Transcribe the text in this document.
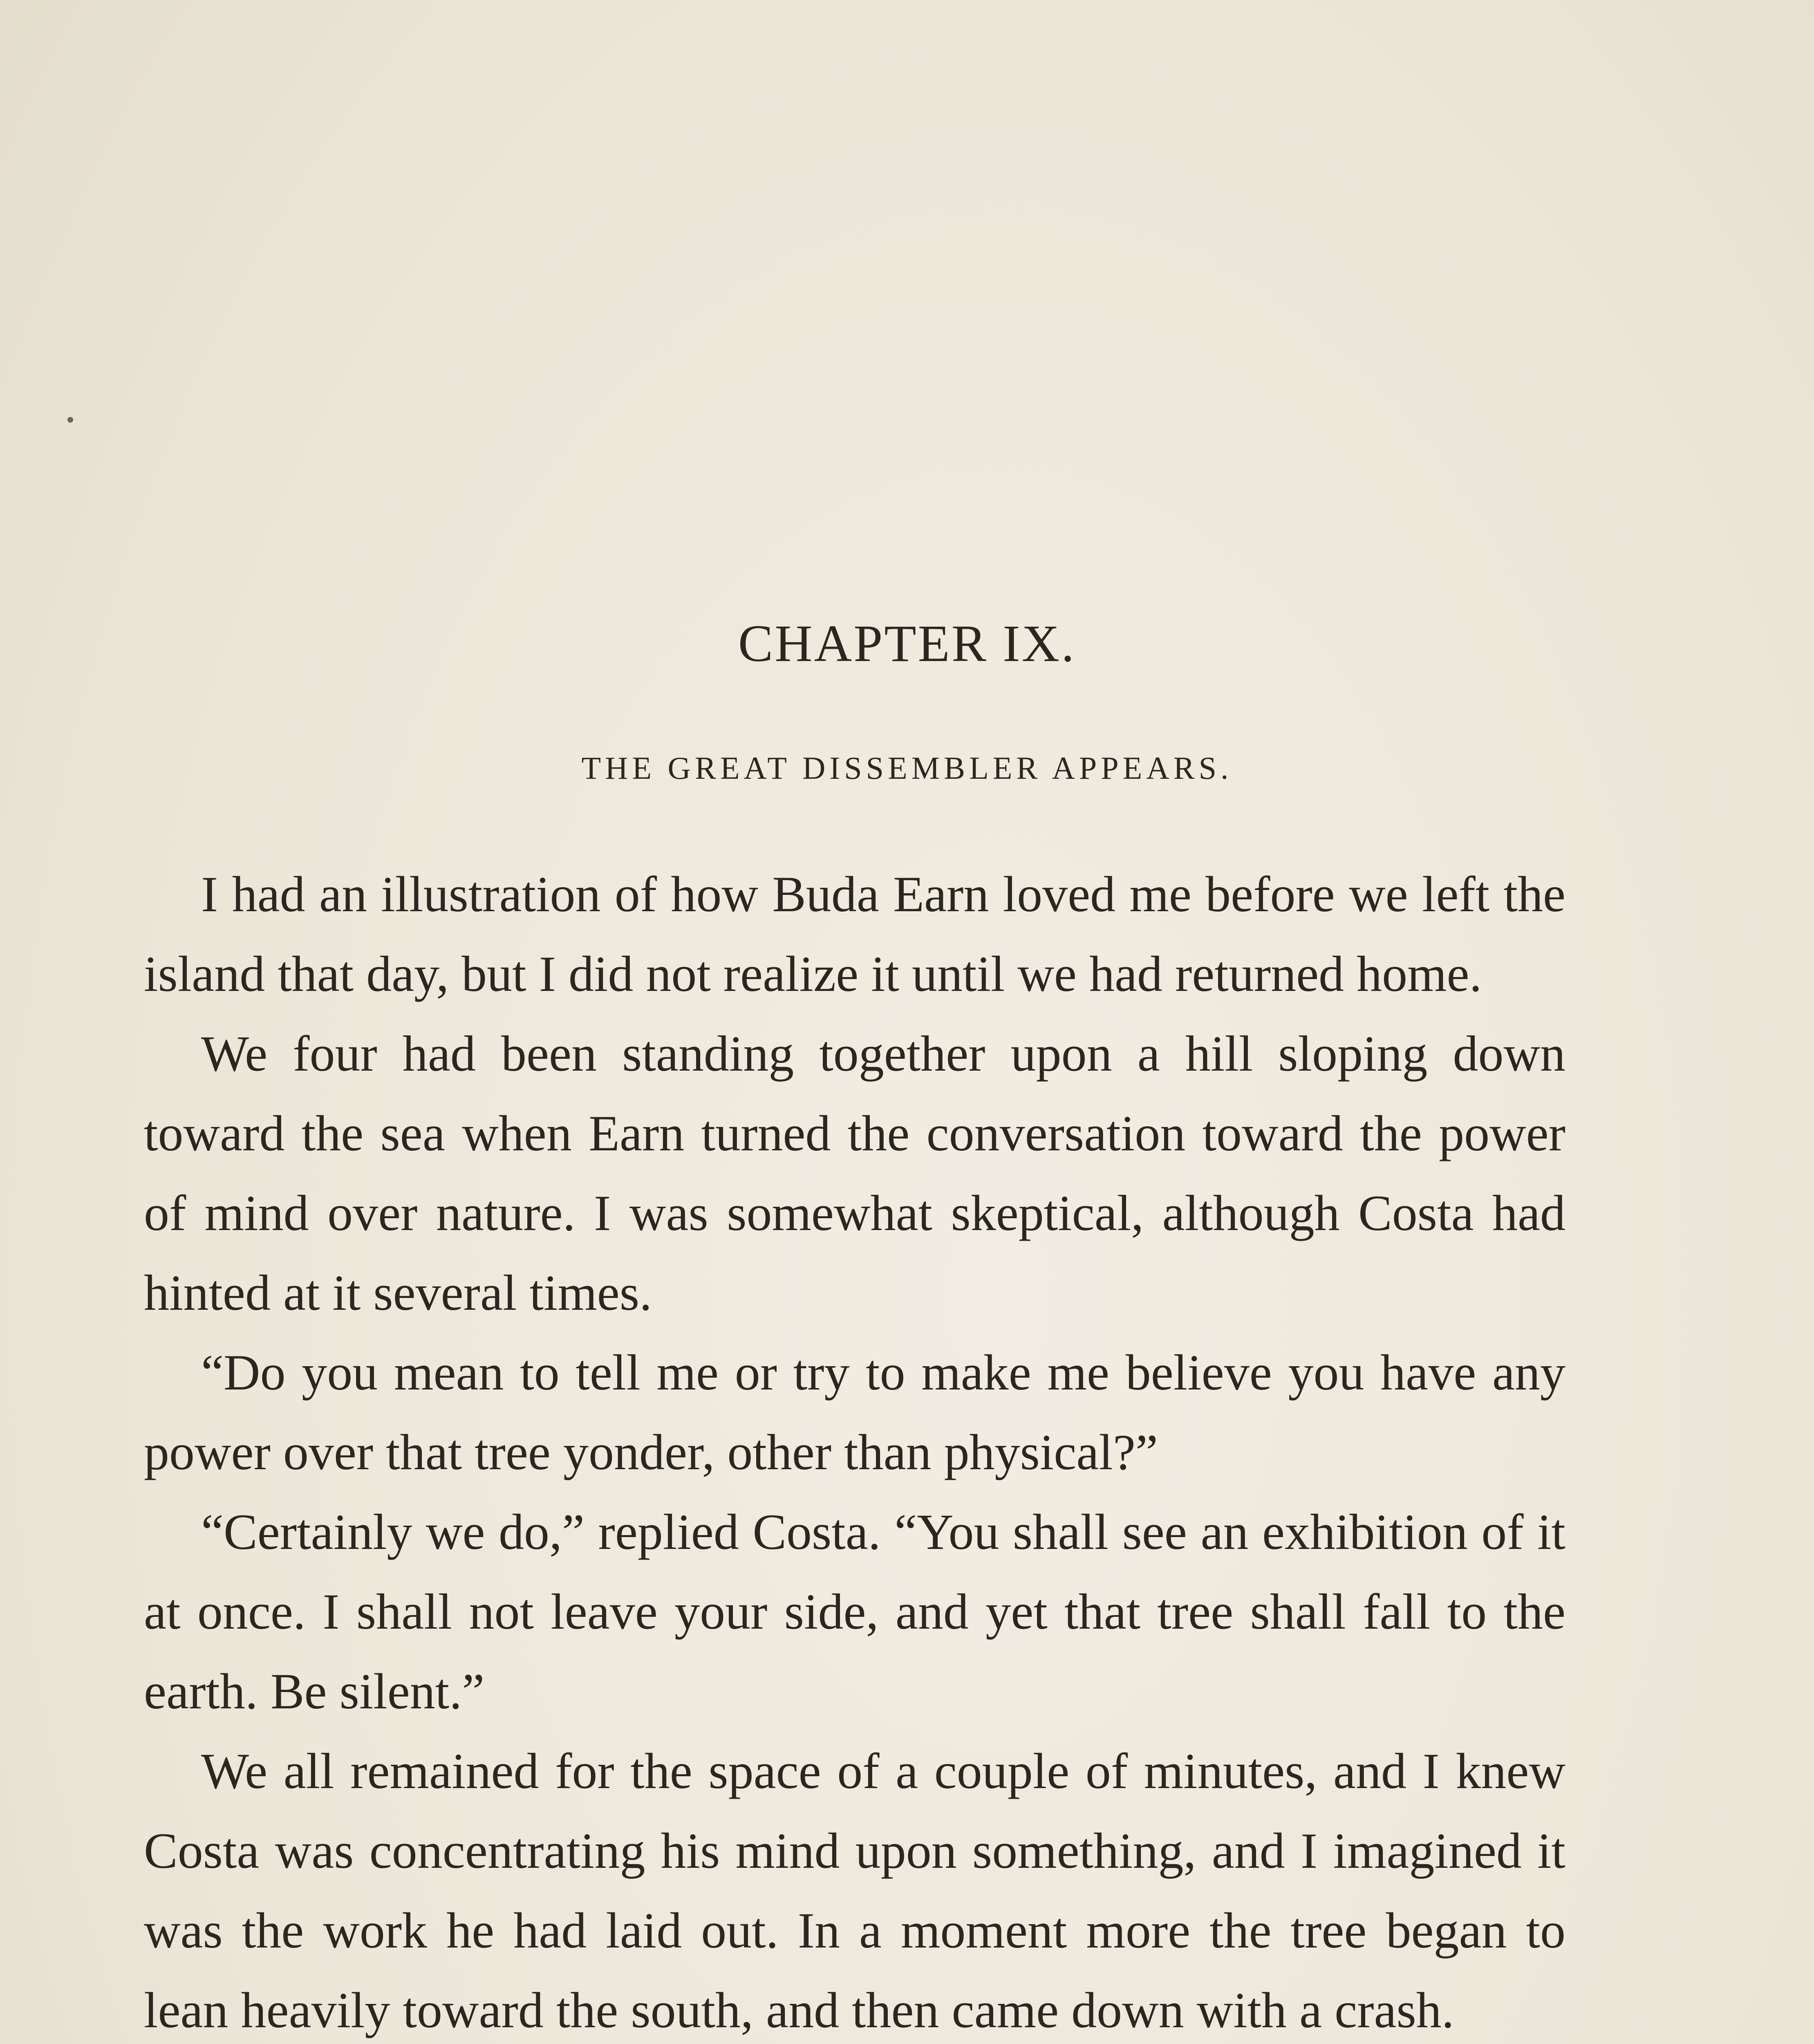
CHAPTER IX.
THE GREAT DISSEMBLER APPEARS.

I had an illustration of how Buda Earn loved me before we left the island that day, but I did not realize it until we had returned home.

We four had been standing together upon a hill sloping down toward the sea when Earn turned the conversation toward the power of mind over nature. I was somewhat skeptical, although Costa had hinted at it several times.

“Do you mean to tell me or try to make me believe you have any power over that tree yonder, other than physical?”

“Certainly we do,” replied Costa. “You shall see an exhibition of it at once. I shall not leave your side, and yet that tree shall fall to the earth. Be silent.”

We all remained for the space of a couple of minutes, and I knew Costa was concentrating his mind upon something, and I imagined it was the work he had laid out. In a moment more the tree began to lean heavily toward the south, and then came down with a crash.
